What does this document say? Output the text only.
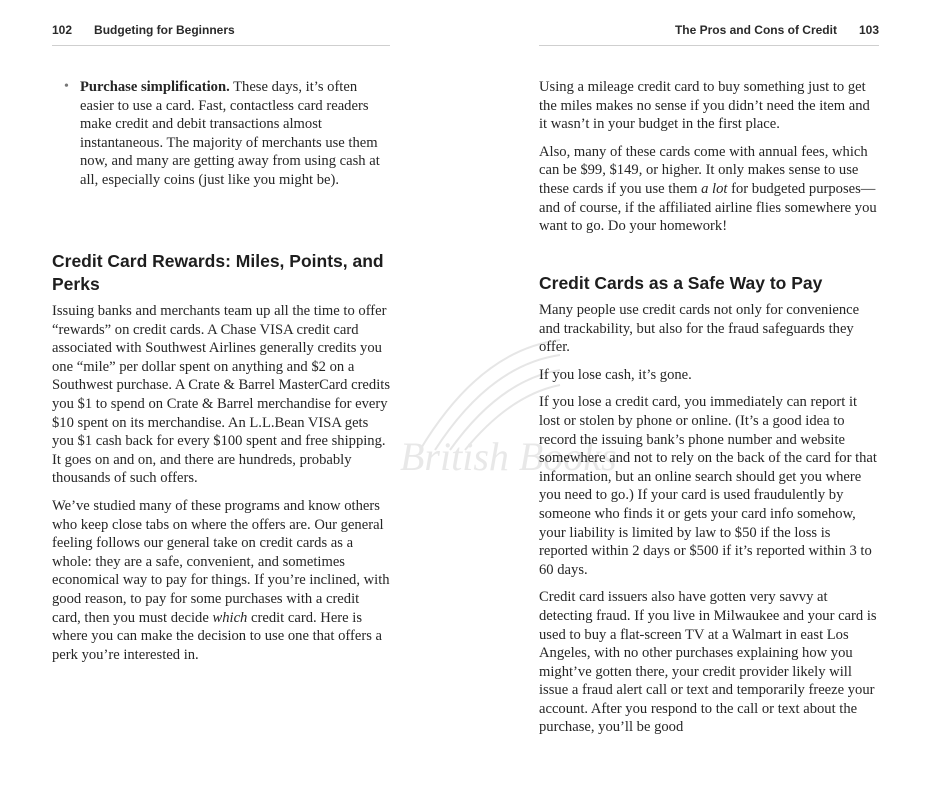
102 Budgeting for Beginners

• Purchase simplification. These days, it’s often easier to use a card. Fast, contactless card readers make credit and debit transactions almost instantaneous. The majority of merchants use them now, and many are getting away from using cash at all, especially coins (just like you might be).

Credit Card Rewards: Miles, Points, and Perks

Issuing banks and merchants team up all the time to offer “rewards” on credit cards. A Chase VISA credit card associated with Southwest Airlines generally credits you one “mile” per dollar spent on anything and $2 on a Southwest purchase. A Crate & Barrel MasterCard credits you $1 to spend on Crate & Barrel merchandise for every $10 spent on its merchandise. An L.L.Bean VISA gets you $1 cash back for every $100 spent and free shipping. It goes on and on, and there are hundreds, probably thousands of such offers.

We’ve studied many of these programs and know others who keep close tabs on where the offers are. Our general feeling follows our general take on credit cards as a whole: they are a safe, convenient, and sometimes economical way to pay for things. If you’re inclined, with good reason, to pay for some purchases with a credit card, then you must decide which credit card. Here is where you can make the decision to use one that offers a perk you’re interested in.

British Books
The Pros and Cons of Credit 103

Using a mileage credit card to buy something just to get the miles makes no sense if you didn’t need the item and it wasn’t in your budget in the first place.

Also, many of these cards come with annual fees, which can be $99, $149, or higher. It only makes sense to use these cards if you use them a lot for budgeted purposes—and of course, if the affiliated airline flies somewhere you want to go. Do your homework!

Credit Cards as a Safe Way to Pay

Many people use credit cards not only for convenience and trackability, but also for the fraud safeguards they offer.

If you lose cash, it’s gone.

If you lose a credit card, you immediately can report it lost or stolen by phone or online. (It’s a good idea to record the issuing bank’s phone number and website somewhere and not to rely on the back of the card for that information, but an online search should get you where you need to go.) If your card is used fraudulently by someone who finds it or gets your card info somehow, your liability is limited by law to $50 if the loss is reported within 2 days or $500 if it’s reported within 3 to 60 days.

Credit card issuers also have gotten very savvy at detecting fraud. If you live in Milwaukee and your card is used to buy a flat-screen TV at a Walmart in east Los Angeles, with no other purchases explaining how you might’ve gotten there, your credit provider likely will issue a fraud alert call or text and temporarily freeze your account. After you respond to the call or text about the purchase, you’ll be good
